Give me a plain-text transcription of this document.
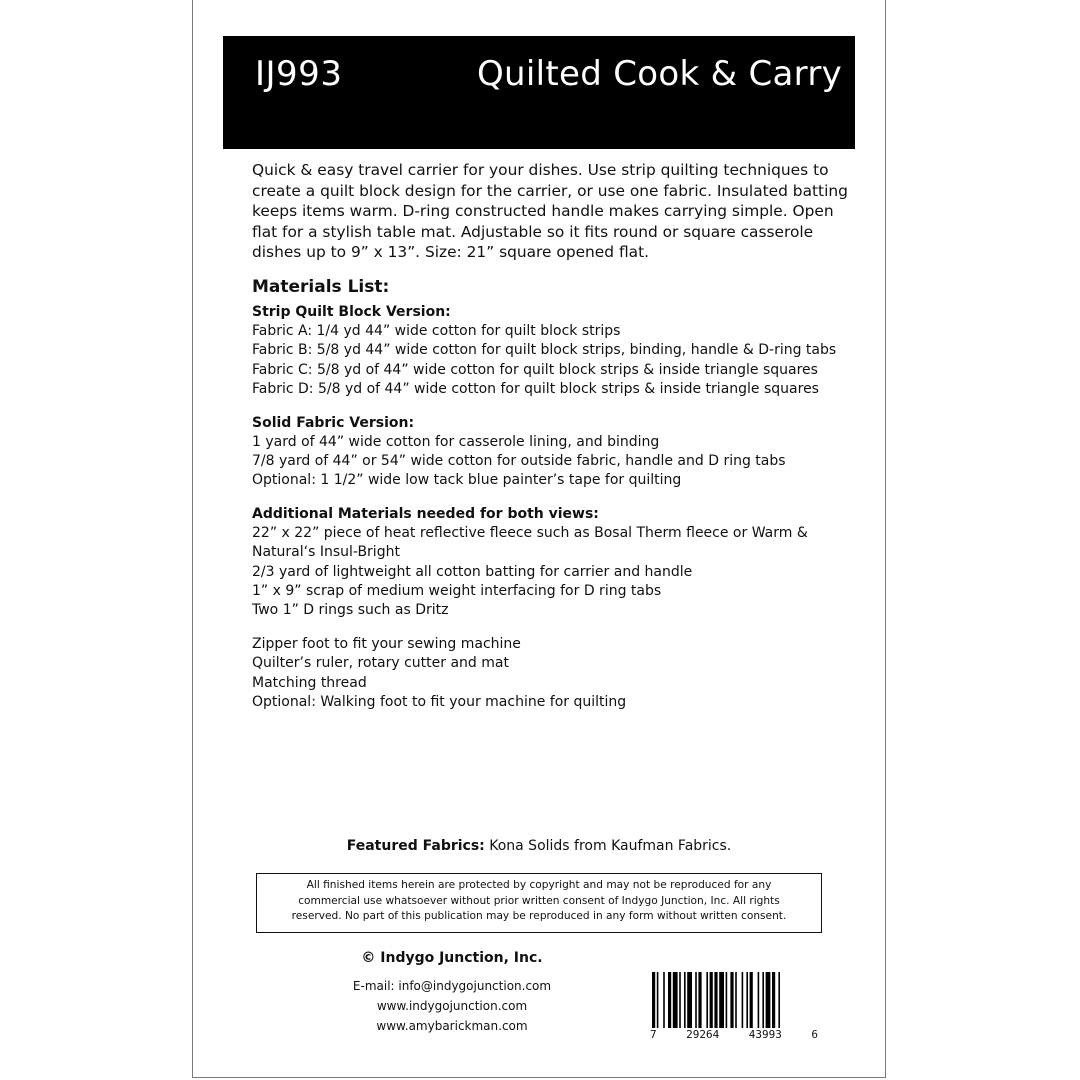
IJ993	Quilted Cook & Carry

Quick & easy travel carrier for your dishes. Use strip quilting techniques to create a quilt block design for the carrier, or use one fabric. Insulated batting keeps items warm. D-ring constructed handle makes carrying simple. Open flat for a stylish table mat. Adjustable so it fits round or square casserole dishes up to 9” x 13”. Size: 21” square opened flat.

Materials List:
Strip Quilt Block Version:
Fabric A: 1/4 yd 44” wide cotton for quilt block strips
Fabric B: 5/8 yd 44” wide cotton for quilt block strips, binding, handle & D-ring tabs
Fabric C: 5/8 yd of 44” wide cotton for quilt block strips & inside triangle squares
Fabric D: 5/8 yd of 44” wide cotton for quilt block strips & inside triangle squares
Solid Fabric Version:
1 yard of 44” wide cotton for casserole lining, and binding
7/8 yard of 44” or 54” wide cotton for outside fabric, handle and D ring tabs
Optional: 1 1/2” wide low tack blue painter’s tape for quilting
Additional Materials needed for both views:
22” x 22” piece of heat reflective fleece such as Bosal Therm fleece or Warm &
Natural‘s Insul-Bright
2/3 yard of lightweight all cotton batting for carrier and handle
1” x 9” scrap of medium weight interfacing for D ring tabs
Two 1” D rings such as Dritz
Zipper foot to fit your sewing machine
Quilter’s ruler, rotary cutter and mat
Matching thread
Optional: Walking foot to fit your machine for quilting
Featured Fabrics: Kona Solids from Kaufman Fabrics.
All finished items herein are protected by copyright and may not be reproduced for any
commercial use whatsoever without prior written consent of Indygo Junction, Inc. All rights
reserved. No part of this publication may be reproduced in any form without written consent.
© Indygo Junction, Inc.
E-mail: info@indygojunction.com
www.indygojunction.com
www.amybarickman.com
7	29264	43993	6
